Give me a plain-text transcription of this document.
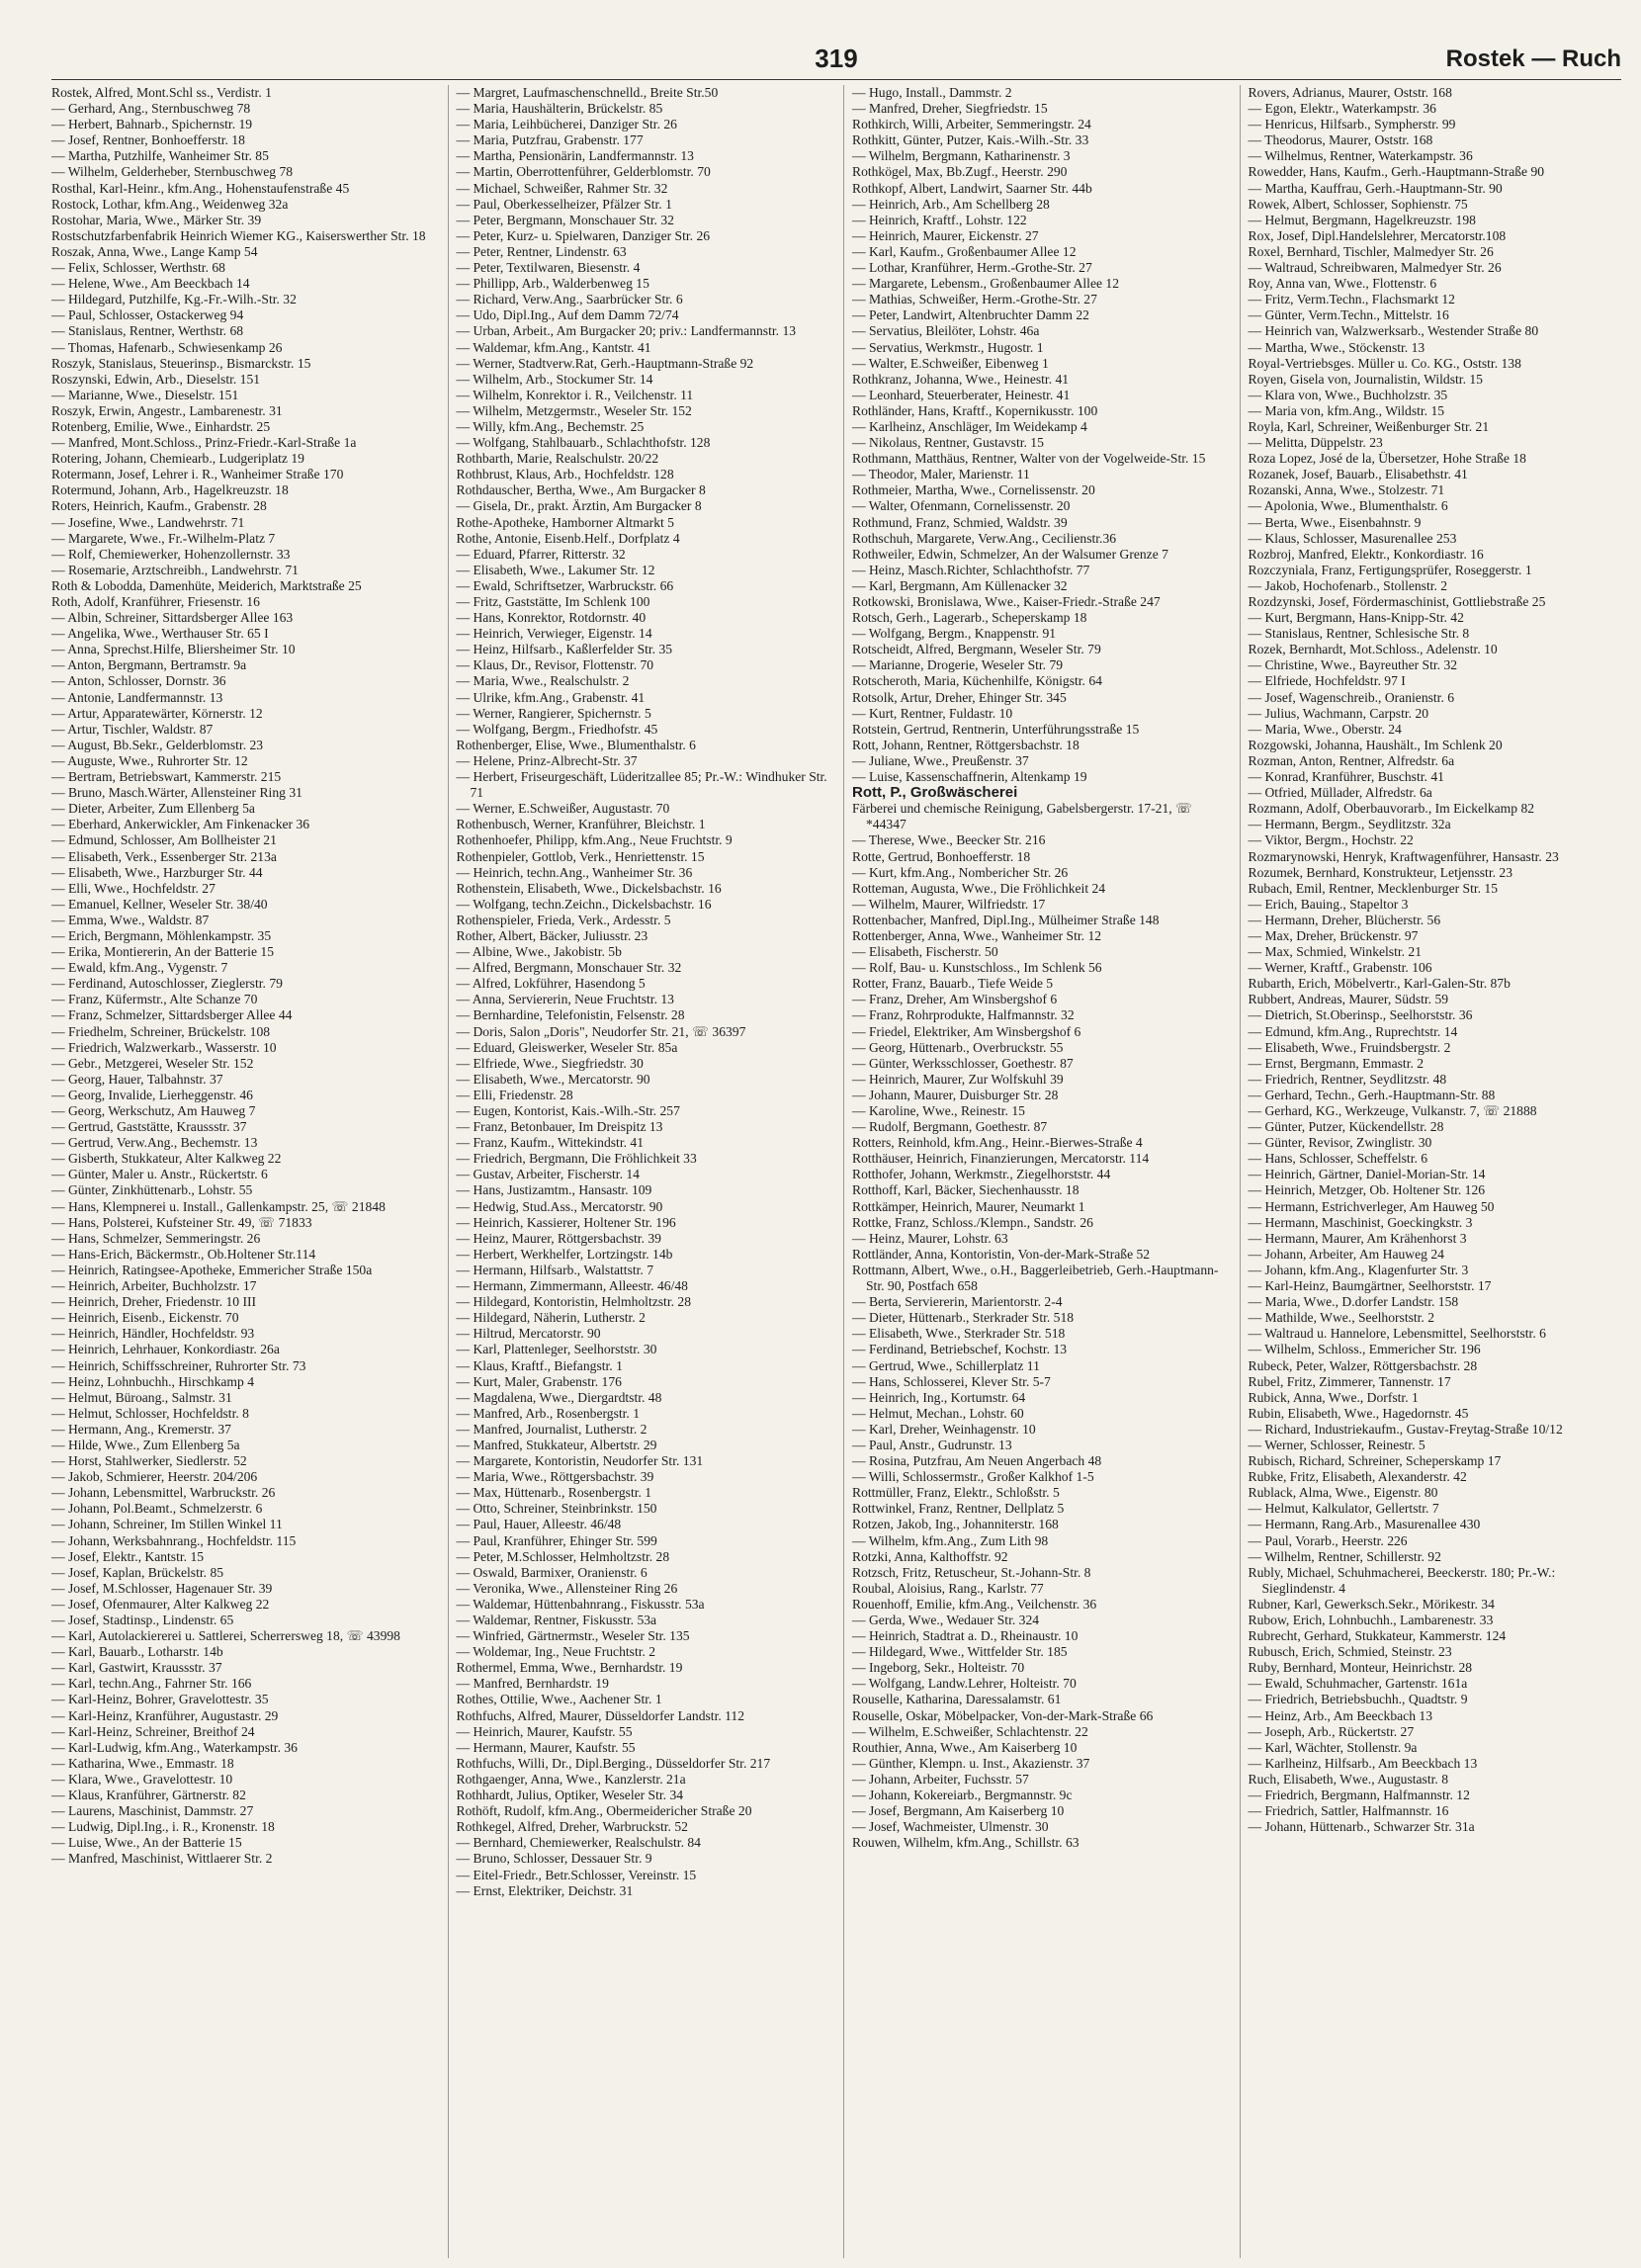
319	Rostek — Ruch
Rostek, Alfred, Mont.Schl ss., Verdistr. 1
— Gerhard, Ang., Sternbuschweg 78
— Herbert, Bahnarb., Spichernstr. 19
— Josef, Rentner, Bonhoefferstr. 18
— Martha, Putzhilfe, Wanheimer Str. 85
— Wilhelm, Gelderheber, Sternbuschweg 78
Rosthal, Karl-Heinr., kfm.Ang., Hohenstaufenstraße 45
Rostock, Lothar, kfm.Ang., Weidenweg 32a
Rostohar, Maria, Wwe., Märker Str. 39
Rostschutzfarbenfabrik Heinrich Wiemer KG., Kaiserswerther Str. 18
Roszak, Anna, Wwe., Lange Kamp 54
— Felix, Schlosser, Werthstr. 68
— Helene, Wwe., Am Beeckbach 14
— Hildegard, Putzhilfe, Kg.-Fr.-Wilh.-Str. 32
— Paul, Schlosser, Ostackerweg 94
— Stanislaus, Rentner, Werthstr. 68
— Thomas, Hafenarb., Schwiesenkamp 26
Roszyk, Stanislaus, Steuerinsp., Bismarckstr. 15
Roszynski, Edwin, Arb., Dieselstr. 151
— Marianne, Wwe., Dieselstr. 151
Roszyk, Erwin, Angestr., Lambarenestr. 31
Rotenberg, Emilie, Wwe., Einhardstr. 25
— Manfred, Mont.Schloss., Prinz-Friedr.-Karl-Straße 1a
Rotering, Johann, Chemiearb., Ludgeriplatz 19
Rotermann, Josef, Lehrer i. R., Wanheimer Straße 170
Rotermund, Johann, Arb., Hagelkreuzstr. 18
Roters, Heinrich, Kaufm., Grabenstr. 28
— Josefine, Wwe., Landwehrstr. 71
— Margarete, Wwe., Fr.-Wilhelm-Platz 7
— Rolf, Chemiewerker, Hohenzollernstr. 33
— Rosemarie, Arztschreibh., Landwehrstr. 71
Roth & Lobodda, Damenhüte, Meiderich, Marktstraße 25
Roth, Adolf, Kranführer, Friesenstr. 16
— Albin, Schreiner, Sittardsberger Allee 163
— Angelika, Wwe., Werthauser Str. 65 I
— Anna, Sprechst.Hilfe, Bliersheimer Str. 10
— Anton, Bergmann, Bertramstr. 9a
— Anton, Schlosser, Dornstr. 36
— Antonie, Landfermannstr. 13
— Artur, Apparatewärter, Körnerstr. 12
— Artur, Tischler, Waldstr. 87
— August, Bb.Sekr., Gelderblomstr. 23
— Auguste, Wwe., Ruhrorter Str. 12
— Bertram, Betriebswart, Kammerstr. 215
— Bruno, Masch.Wärter, Allensteiner Ring 31
— Dieter, Arbeiter, Zum Ellenberg 5a
— Eberhard, Ankerwickler, Am Finkenacker 36
— Edmund, Schlosser, Am Bollheister 21
— Elisabeth, Verk., Essenberger Str. 213a
— Elisabeth, Wwe., Harzburger Str. 44
— Elli, Wwe., Hochfeldstr. 27
— Emanuel, Kellner, Weseler Str. 38/40
— Emma, Wwe., Waldstr. 87
— Erich, Bergmann, Möhlenkampstr. 35
— Erika, Montiererin, An der Batterie 15
— Ewald, kfm.Ang., Vygenstr. 7
— Ferdinand, Autoschlosser, Zieglerstr. 79
— Franz, Küfermstr., Alte Schanze 70
— Franz, Schmelzer, Sittardsberger Allee 44
— Friedhelm, Schreiner, Brückelstr. 108
— Friedrich, Walzwerkarb., Wasserstr. 10
— Gebr., Metzgerei, Weseler Str. 152
— Georg, Hauer, Talbahnstr. 37
— Georg, Invalide, Lierheggenstr. 46
— Georg, Werkschutz, Am Hauweg 7
— Gertrud, Gaststätte, Kraussstr. 37
— Gertrud, Verw.Ang., Bechemstr. 13
— Gisberth, Stukkateur, Alter Kalkweg 22
— Günter, Maler u. Anstr., Rückertstr. 6
— Günter, Zinkhüttenarb., Lohstr. 55
— Hans, Klempnerei u. Install., Gallenkampstr. 25, ☏ 21848
— Hans, Polsterei, Kufsteiner Str. 49, ☏ 71833
— Hans, Schmelzer, Semmeringstr. 26
— Hans-Erich, Bäckermstr., Ob.Holtener Str.114
— Heinrich, Ratingsee-Apotheke, Emmericher Straße 150a
— Heinrich, Arbeiter, Buchholzstr. 17
— Heinrich, Dreher, Friedenstr. 10 III
— Heinrich, Eisenb., Eickenstr. 70
— Heinrich, Händler, Hochfeldstr. 93
— Heinrich, Lehrhauer, Konkordiastr. 26a
— Heinrich, Schiffsschreiner, Ruhrorter Str. 73
— Heinz, Lohnbuchh., Hirschkamp 4
— Helmut, Büroang., Salmstr. 31
— Helmut, Schlosser, Hochfeldstr. 8
— Hermann, Ang., Kremerstr. 37
— Hilde, Wwe., Zum Ellenberg 5a
— Horst, Stahlwerker, Siedlerstr. 52
— Jakob, Schmierer, Heerstr. 204/206
— Johann, Lebensmittel, Warbruckstr. 26
— Johann, Pol.Beamt., Schmelzerstr. 6
— Johann, Schreiner, Im Stillen Winkel 11
— Johann, Werksbahnrang., Hochfeldstr. 115
— Josef, Elektr., Kantstr. 15
— Josef, Kaplan, Brückelstr. 85
— Josef, M.Schlosser, Hagenauer Str. 39
— Josef, Ofenmaurer, Alter Kalkweg 22
— Josef, Stadtinsp., Lindenstr. 65
— Karl, Autolackiererei u. Sattlerei, Scherrersweg 18, ☏ 43998
— Karl, Bauarb., Lotharstr. 14b
— Karl, Gastwirt, Kraussstr. 37
— Karl, techn.Ang., Fahrner Str. 166
— Karl-Heinz, Bohrer, Gravelottestr. 35
— Karl-Heinz, Kranführer, Augustastr. 29
— Karl-Heinz, Schreiner, Breithof 24
— Karl-Ludwig, kfm.Ang., Waterkampstr. 36
— Katharina, Wwe., Emmastr. 18
— Klara, Wwe., Gravelottestr. 10
— Klaus, Kranführer, Gärtnerstr. 82
— Laurens, Maschinist, Dammstr. 27
— Ludwig, Dipl.Ing., i. R., Kronenstr. 18
— Luise, Wwe., An der Batterie 15
— Manfred, Maschinist, Wittlaerer Str. 2
— Margret, Laufmaschenschnelld., Breite Str.50
— Maria, Haushälterin, Brückelstr. 85
— Maria, Leihbücherei, Danziger Str. 26
— Maria, Putzfrau, Grabenstr. 177
— Martha, Pensionärin, Landfermannstr. 13
— Martin, Oberrottenführer, Gelderblomstr. 70
— Michael, Schweißer, Rahmer Str. 32
— Paul, Oberkesselheizer, Pfälzer Str. 1
— Peter, Bergmann, Monschauer Str. 32
— Peter, Kurz- u. Spielwaren, Danziger Str. 26
— Peter, Rentner, Lindenstr. 63
— Peter, Textilwaren, Biesenstr. 4
— Phillipp, Arb., Walderbenweg 15
— Richard, Verw.Ang., Saarbrücker Str. 6
— Udo, Dipl.Ing., Auf dem Damm 72/74
— Urban, Arbeit., Am Burgacker 20; priv.: Landfermannstr. 13
— Waldemar, kfm.Ang., Kantstr. 41
— Werner, Stadtverw.Rat, Gerh.-Hauptmann-Straße 92
— Wilhelm, Arb., Stockumer Str. 14
— Wilhelm, Konrektor i. R., Veilchenstr. 11
— Wilhelm, Metzgermstr., Weseler Str. 152
— Willy, kfm.Ang., Bechemstr. 25
— Wolfgang, Stahlbauarb., Schlachthofstr. 128
Rothbarth, Marie, Realschulstr. 20/22
Rothbrust, Klaus, Arb., Hochfeldstr. 128
Rothdauscher, Bertha, Wwe., Am Burgacker 8
— Gisela, Dr., prakt. Ärztin, Am Burgacker 8
Rothe-Apotheke, Hamborner Altmarkt 5
Rothe, Antonie, Eisenb.Helf., Dorfplatz 4
— Eduard, Pfarrer, Ritterstr. 32
— Elisabeth, Wwe., Lakumer Str. 12
— Ewald, Schriftsetzer, Warbruckstr. 66
— Fritz, Gaststätte, Im Schlenk 100
— Hans, Konrektor, Rotdornstr. 40
— Heinrich, Verwieger, Eigenstr. 14
— Heinz, Hilfsarb., Kaßlerfelder Str. 35
— Klaus, Dr., Revisor, Flottenstr. 70
— Maria, Wwe., Realschulstr. 2
— Ulrike, kfm.Ang., Grabenstr. 41
— Werner, Rangierer, Spichernstr. 5
— Wolfgang, Bergm., Friedhofstr. 45
Rothenberger, Elise, Wwe., Blumenthalstr. 6
— Helene, Prinz-Albrecht-Str. 37
— Herbert, Friseurgeschäft, Lüderitzallee 85; Pr.-W.: Windhuker Str. 71
— Werner, E.Schweißer, Augustastr. 70
Rothenbusch, Werner, Kranführer, Bleichstr. 1
Rothenhoefer, Philipp, kfm.Ang., Neue Fruchtstr. 9
Rothenpieler, Gottlob, Verk., Henriettenstr. 15
— Heinrich, techn.Ang., Wanheimer Str. 36
Rothenstein, Elisabeth, Wwe., Dickelsbachstr. 16
— Wolfgang, techn.Zeichn., Dickelsbachstr. 16
Rothenspieler, Frieda, Verk., Ardesstr. 5
Rother, Albert, Bäcker, Juliusstr. 23
— Albine, Wwe., Jakobistr. 5b
— Alfred, Bergmann, Monschauer Str. 32
— Alfred, Lokführer, Hasendong 5
— Anna, Serviererin, Neue Fruchtstr. 13
— Bernhardine, Telefonistin, Felsenstr. 28
— Doris, Salon „Doris", Neudorfer Str. 21, ☏ 36397
— Eduard, Gleiswerker, Weseler Str. 85a
— Elfriede, Wwe., Siegfriedstr. 30
— Elisabeth, Wwe., Mercatorstr. 90
— Elli, Friedenstr. 28
— Eugen, Kontorist, Kais.-Wilh.-Str. 257
— Franz, Betonbauer, Im Dreispitz 13
— Franz, Kaufm., Wittekindstr. 41
— Friedrich, Bergmann, Die Fröhlichkeit 33
— Gustav, Arbeiter, Fischerstr. 14
— Hans, Justizamtm., Hansastr. 109
— Hedwig, Stud.Ass., Mercatorstr. 90
— Heinrich, Kassierer, Holtener Str. 196
— Heinz, Maurer, Röttgersbachstr. 39
— Herbert, Werkhelfer, Lortzingstr. 14b
— Hermann, Hilfsarb., Walstattstr. 7
— Hermann, Zimmermann, Alleestr. 46/48
— Hildegard, Kontoristin, Helmholtzstr. 28
— Hildegard, Näherin, Lutherstr. 2
— Hiltrud, Mercatorstr. 90
— Karl, Plattenleger, Seelhorststr. 30
— Klaus, Kraftf., Biefangstr. 1
— Kurt, Maler, Grabenstr. 176
— Magdalena, Wwe., Diergardtstr. 48
— Manfred, Arb., Rosenbergstr. 1
— Manfred, Journalist, Lutherstr. 2
— Manfred, Stukkateur, Albertstr. 29
— Margarete, Kontoristin, Neudorfer Str. 131
— Maria, Wwe., Röttgersbachstr. 39
— Max, Hüttenarb., Rosenbergstr. 1
— Otto, Schreiner, Steinbrinkstr. 150
— Paul, Hauer, Alleestr. 46/48
— Paul, Kranführer, Ehinger Str. 599
— Peter, M.Schlosser, Helmholtzstr. 28
— Oswald, Barmixer, Oranienstr. 6
— Veronika, Wwe., Allensteiner Ring 26
— Waldemar, Hüttenbahnrang., Fiskusstr. 53a
— Waldemar, Rentner, Fiskusstr. 53a
— Winfried, Gärtnermstr., Weseler Str. 135
— Woldemar, Ing., Neue Fruchtstr. 2
Rothermel, Emma, Wwe., Bernhardstr. 19
— Manfred, Bernhardstr. 19
Rothes, Ottilie, Wwe., Aachener Str. 1
Rothfuchs, Alfred, Maurer, Düsseldorfer Landstr. 112
— Heinrich, Maurer, Kaufstr. 55
— Hermann, Maurer, Kaufstr. 55
Rothfuchs, Willi, Dr., Dipl.Berging., Düsseldorfer Str. 217
Rothgaenger, Anna, Wwe., Kanzlerstr. 21a
Rothhardt, Julius, Optiker, Weseler Str. 34
Rothöft, Rudolf, kfm.Ang., Obermeidericher Straße 20
Rothkegel, Alfred, Dreher, Warbruckstr. 52
— Bernhard, Chemiewerker, Realschulstr. 84
— Bruno, Schlosser, Dessauer Str. 9
— Eitel-Friedr., Betr.Schlosser, Vereinstr. 15
— Ernst, Elektriker, Deichstr. 31
— Hugo, Install., Dammstr. 2
— Manfred, Dreher, Siegfriedstr. 15
Rothkirch, Willi, Arbeiter, Semmeringstr. 24
Rothkitt, Günter, Putzer, Kais.-Wilh.-Str. 33
— Wilhelm, Bergmann, Katharinenstr. 3
Rothkögel, Max, Bb.Zugf., Heerstr. 290
Rothkopf, Albert, Landwirt, Saarner Str. 44b
— Heinrich, Arb., Am Schellberg 28
— Heinrich, Kraftf., Lohstr. 122
— Heinrich, Maurer, Eickenstr. 27
— Karl, Kaufm., Großenbaumer Allee 12
— Lothar, Kranführer, Herm.-Grothe-Str. 27
— Margarete, Lebensm., Großenbaumer Allee 12
— Mathias, Schweißer, Herm.-Grothe-Str. 27
— Peter, Landwirt, Altenbruchter Damm 22
— Servatius, Bleilöter, Lohstr. 46a
— Servatius, Werkmstr., Hugostr. 1
— Walter, E.Schweißer, Eibenweg 1
Rothkranz, Johanna, Wwe., Heinestr. 41
— Leonhard, Steuerberater, Heinestr. 41
Rothländer, Hans, Kraftf., Kopernikusstr. 100
— Karlheinz, Anschläger, Im Weidekamp 4
— Nikolaus, Rentner, Gustavstr. 15
Rothmann, Matthäus, Rentner, Walter von der Vogelweide-Str. 15
— Theodor, Maler, Marienstr. 11
Rothmeier, Martha, Wwe., Cornelissenstr. 20
— Walter, Ofenmann, Cornelissenstr. 20
Rothmund, Franz, Schmied, Waldstr. 39
Rothschuh, Margarete, Verw.Ang., Cecilienstr.36
Rothweiler, Edwin, Schmelzer, An der Walsumer Grenze 7
— Heinz, Masch.Richter, Schlachthofstr. 77
— Karl, Bergmann, Am Küllenacker 32
Rotkowski, Bronislawa, Wwe., Kaiser-Friedr.-Straße 247
Rotsch, Gerh., Lagerarb., Scheperskamp 18
— Wolfgang, Bergm., Knappenstr. 91
Rotscheidt, Alfred, Bergmann, Weseler Str. 79
— Marianne, Drogerie, Weseler Str. 79
Rotscheroth, Maria, Küchenhilfe, Königstr. 64
Rotsolk, Artur, Dreher, Ehinger Str. 345
— Kurt, Rentner, Fuldastr. 10
Rotstein, Gertrud, Rentnerin, Unterführungsstraße 15
Rott, Johann, Rentner, Röttgersbachstr. 18
— Juliane, Wwe., Preußenstr. 37
— Luise, Kassenschaffnerin, Altenkamp 19
Rott, P., Großwäscherei
Färberei und chemische Reinigung, Gabelsbergerstr. 17-21, ☏ *44347
— Therese, Wwe., Beecker Str. 216
Rotte, Gertrud, Bonhoefferstr. 18
— Kurt, kfm.Ang., Nombericher Str. 26
Rotteman, Augusta, Wwe., Die Fröhlichkeit 24
— Wilhelm, Maurer, Wilfriedstr. 17
Rottenbacher, Manfred, Dipl.Ing., Mülheimer Straße 148
Rottenberger, Anna, Wwe., Wanheimer Str. 12
— Elisabeth, Fischerstr. 50
— Rolf, Bau- u. Kunstschloss., Im Schlenk 56
Rotter, Franz, Bauarb., Tiefe Weide 5
— Franz, Dreher, Am Winsbergshof 6
— Franz, Rohrprodukte, Halfmannstr. 32
— Friedel, Elektriker, Am Winsbergshof 6
— Georg, Hüttenarb., Overbruckstr. 55
— Günter, Werksschlosser, Goethestr. 87
— Heinrich, Maurer, Zur Wolfskuhl 39
— Johann, Maurer, Duisburger Str. 28
— Karoline, Wwe., Reinestr. 15
— Rudolf, Bergmann, Goethestr. 87
Rotters, Reinhold, kfm.Ang., Heinr.-Bierwes-Straße 4
Rotthäuser, Heinrich, Finanzierungen, Mercatorstr. 114
Rotthofer, Johann, Werkmstr., Ziegelhorststr. 44
Rotthoff, Karl, Bäcker, Siechenhausstr. 18
Rottkämper, Heinrich, Maurer, Neumarkt 1
Rottke, Franz, Schloss./Klempn., Sandstr. 26
— Heinz, Maurer, Lohstr. 63
Rottländer, Anna, Kontoristin, Von-der-Mark-Straße 52
Rottmann, Albert, Wwe., o.H., Baggerleibetrieb, Gerh.-Hauptmann-Str. 90, Postfach 658
— Berta, Serviererin, Marientorstr. 2-4
— Dieter, Hüttenarb., Sterkrader Str. 518
— Elisabeth, Wwe., Sterkrader Str. 518
— Ferdinand, Betriebschef, Kochstr. 13
— Gertrud, Wwe., Schillerplatz 11
— Hans, Schlosserei, Klever Str. 5-7
— Heinrich, Ing., Kortumstr. 64
— Helmut, Mechan., Lohstr. 60
— Karl, Dreher, Weinhagenstr. 10
— Paul, Anstr., Gudrunstr. 13
— Rosina, Putzfrau, Am Neuen Angerbach 48
— Willi, Schlossermstr., Großer Kalkhof 1-5
Rottmüller, Franz, Elektr., Schloßstr. 5
Rottwinkel, Franz, Rentner, Dellplatz 5
Rotzen, Jakob, Ing., Johanniterstr. 168
— Wilhelm, kfm.Ang., Zum Lith 98
Rotzki, Anna, Kalthoffstr. 92
Rotzsch, Fritz, Retuscheur, St.-Johann-Str. 8
Roubal, Aloisius, Rang., Karlstr. 77
Rouenhoff, Emilie, kfm.Ang., Veilchenstr. 36
— Gerda, Wwe., Wedauer Str. 324
— Heinrich, Stadtrat a. D., Rheinaustr. 10
— Hildegard, Wwe., Wittfelder Str. 185
— Ingeborg, Sekr., Holteistr. 70
— Wolfgang, Landw.Lehrer, Holteistr. 70
Rouselle, Katharina, Daressalamstr. 61
Rouselle, Oskar, Möbelpacker, Von-der-Mark-Straße 66
— Wilhelm, E.Schweißer, Schlachtenstr. 22
Routhier, Anna, Wwe., Am Kaiserberg 10
— Günther, Klempn. u. Inst., Akazienstr. 37
— Johann, Arbeiter, Fuchsstr. 57
— Johann, Kokereiarb., Bergmannstr. 9c
— Josef, Bergmann, Am Kaiserberg 10
— Josef, Wachmeister, Ulmenstr. 30
Rouwen, Wilhelm, kfm.Ang., Schillstr. 63
Rovers, Adrianus, Maurer, Oststr. 168
— Egon, Elektr., Waterkampstr. 36
— Henricus, Hilfsarb., Sympherstr. 99
— Theodorus, Maurer, Oststr. 168
— Wilhelmus, Rentner, Waterkampstr. 36
Rowedder, Hans, Kaufm., Gerh.-Hauptmann-Straße 90
— Martha, Kauffrau, Gerh.-Hauptmann-Str. 90
Rowek, Albert, Schlosser, Sophienstr. 75
— Helmut, Bergmann, Hagelkreuzstr. 198
Rox, Josef, Dipl.Handelslehrer, Mercatorstr.108
Roxel, Bernhard, Tischler, Malmedyer Str. 26
— Waltraud, Schreibwaren, Malmedyer Str. 26
Roy, Anna van, Wwe., Flottenstr. 6
— Fritz, Verm.Techn., Flachsmarkt 12
— Günter, Verm.Techn., Mittelstr. 16
— Heinrich van, Walzwerksarb., Westender Straße 80
— Martha, Wwe., Stöckenstr. 13
Royal-Vertriebsges. Müller u. Co. KG., Oststr. 138
Royen, Gisela von, Journalistin, Wildstr. 15
— Klara von, Wwe., Buchholzstr. 35
— Maria von, kfm.Ang., Wildstr. 15
Royla, Karl, Schreiner, Weißenburger Str. 21
— Melitta, Düppelstr. 23
Roza Lopez, José de la, Übersetzer, Hohe Straße 18
Rozanek, Josef, Bauarb., Elisabethstr. 41
Rozanski, Anna, Wwe., Stolzestr. 71
— Apolonia, Wwe., Blumenthalstr. 6
— Berta, Wwe., Eisenbahnstr. 9
— Klaus, Schlosser, Masurenallee 253
Rozbroj, Manfred, Elektr., Konkordiastr. 16
Rozczyniala, Franz, Fertigungsprüfer, Roseggerstr. 1
— Jakob, Hochofenarb., Stollenstr. 2
Rozdzynski, Josef, Fördermaschinist, Gottliebstraße 25
— Kurt, Bergmann, Hans-Knipp-Str. 42
— Stanislaus, Rentner, Schlesische Str. 8
Rozek, Bernhardt, Mot.Schloss., Adelenstr. 10
— Christine, Wwe., Bayreuther Str. 32
— Elfriede, Hochfeldstr. 97 I
— Josef, Wagenschreib., Oranienstr. 6
— Julius, Wachmann, Carpstr. 20
— Maria, Wwe., Oberstr. 24
Rozgowski, Johanna, Haushält., Im Schlenk 20
Rozman, Anton, Rentner, Alfredstr. 6a
— Konrad, Kranführer, Buschstr. 41
— Otfried, Müllader, Alfredstr. 6a
Rozmann, Adolf, Oberbauvorarb., Im Eickelkamp 82
— Hermann, Bergm., Seydlitzstr. 32a
— Viktor, Bergm., Hochstr. 22
Rozmarynowski, Henryk, Kraftwagenführer, Hansastr. 23
Rozumek, Bernhard, Konstrukteur, Letjensstr. 23
Rubach, Emil, Rentner, Mecklenburger Str. 15
— Erich, Bauing., Stapeltor 3
— Hermann, Dreher, Blücherstr. 56
— Max, Dreher, Brückenstr. 97
— Max, Schmied, Winkelstr. 21
— Werner, Kraftf., Grabenstr. 106
Rubarth, Erich, Möbelvertr., Karl-Galen-Str. 87b
Rubbert, Andreas, Maurer, Südstr. 59
— Dietrich, St.Oberinsp., Seelhorststr. 36
— Edmund, kfm.Ang., Ruprechtstr. 14
— Elisabeth, Wwe., Fruindsbergstr. 2
— Ernst, Bergmann, Emmastr. 2
— Friedrich, Rentner, Seydlitzstr. 48
— Gerhard, Techn., Gerh.-Hauptmann-Str. 88
— Gerhard, KG., Werkzeuge, Vulkanstr. 7, ☏ 21888
— Günter, Putzer, Kückendellstr. 28
— Günter, Revisor, Zwinglistr. 30
— Hans, Schlosser, Scheffelstr. 6
— Heinrich, Gärtner, Daniel-Morian-Str. 14
— Heinrich, Metzger, Ob. Holtener Str. 126
— Hermann, Estrichverleger, Am Hauweg 50
— Hermann, Maschinist, Goeckingkstr. 3
— Hermann, Maurer, Am Krähenhorst 3
— Johann, Arbeiter, Am Hauweg 24
— Johann, kfm.Ang., Klagenfurter Str. 3
— Karl-Heinz, Baumgärtner, Seelhorststr. 17
— Maria, Wwe., D.dorfer Landstr. 158
— Mathilde, Wwe., Seelhorststr. 2
— Waltraud u. Hannelore, Lebensmittel, Seelhorststr. 6
— Wilhelm, Schloss., Emmericher Str. 196
Rubeck, Peter, Walzer, Röttgersbachstr. 28
Rubel, Fritz, Zimmerer, Tannenstr. 17
Rubick, Anna, Wwe., Dorfstr. 1
Rubin, Elisabeth, Wwe., Hagedornstr. 45
— Richard, Industriekaufm., Gustav-Freytag-Straße 10/12
— Werner, Schlosser, Reinestr. 5
Rubisch, Richard, Schreiner, Scheperskamp 17
Rubke, Fritz, Elisabeth, Alexanderstr. 42
Rublack, Alma, Wwe., Eigenstr. 80
— Helmut, Kalkulator, Gellertstr. 7
— Hermann, Rang.Arb., Masurenallee 430
— Paul, Vorarb., Heerstr. 226
— Wilhelm, Rentner, Schillerstr. 92
Rubly, Michael, Schuhmacherei, Beeckerstr. 180; Pr.-W.: Sieglindenstr. 4
Rubner, Karl, Gewerksch.Sekr., Mörikestr. 34
Rubow, Erich, Lohnbuchh., Lambarenestr. 33
Rubrecht, Gerhard, Stukkateur, Kammerstr. 124
Rubusch, Erich, Schmied, Steinstr. 23
Ruby, Bernhard, Monteur, Heinrichstr. 28
— Ewald, Schuhmacher, Gartenstr. 161a
— Friedrich, Betriebsbuchh., Quadtstr. 9
— Heinz, Arb., Am Beeckbach 13
— Joseph, Arb., Rückertstr. 27
— Karl, Wächter, Stollenstr. 9a
— Karlheinz, Hilfsarb., Am Beeckbach 13
Ruch, Elisabeth, Wwe., Augustastr. 8
— Friedrich, Bergmann, Halfmannstr. 12
— Friedrich, Sattler, Halfmannstr. 16
— Johann, Hüttenarb., Schwarzer Str. 31a
